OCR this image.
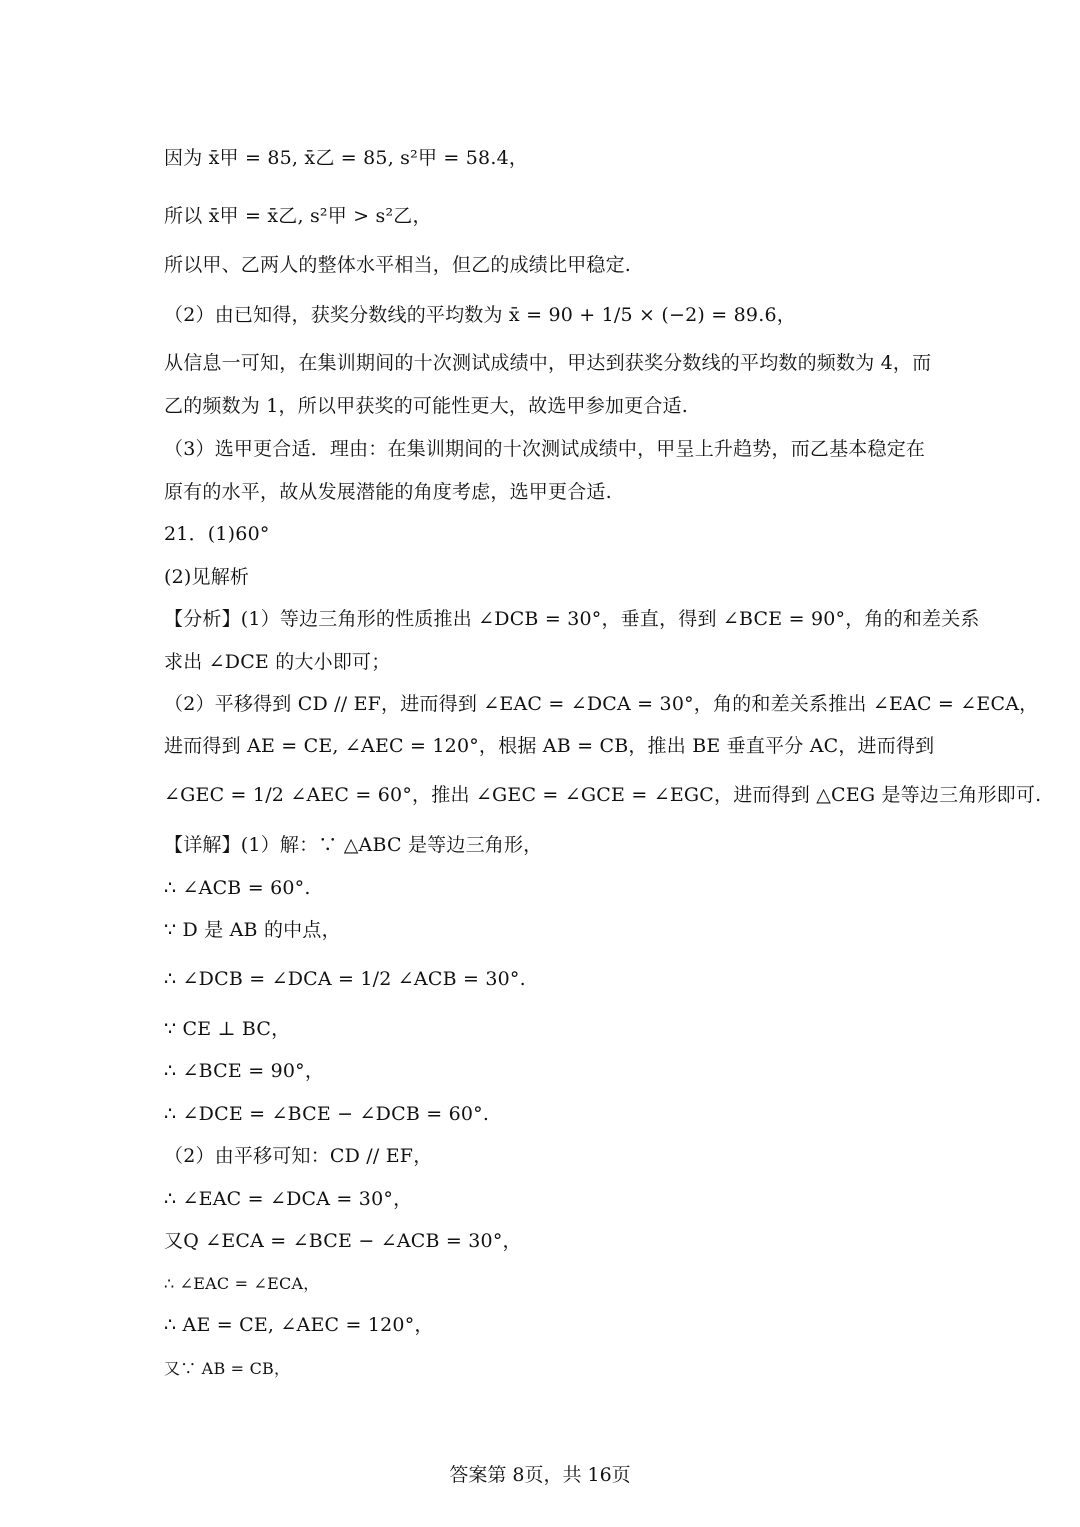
因为 x̄甲 = 85, x̄乙 = 85, s²甲 = 58.4，
所以 x̄甲 = x̄乙, s²甲 > s²乙，
所以甲、乙两人的整体水平相当，但乙的成绩比甲稳定.
（2）由已知得，获奖分数线的平均数为 x̄ = 90 + 1/5 × (−2) = 89.6，
从信息一可知，在集训期间的十次测试成绩中，甲达到获奖分数线的平均数的频数为 4，而
乙的频数为 1，所以甲获奖的可能性更大，故选甲参加更合适.
（3）选甲更合适．理由：在集训期间的十次测试成绩中，甲呈上升趋势，而乙基本稳定在
原有的水平，故从发展潜能的角度考虑，选甲更合适.
21．(1)60°
(2)见解析
【分析】(1）等边三角形的性质推出 ∠DCB = 30°，垂直，得到 ∠BCE = 90°，角的和差关系
求出 ∠DCE 的大小即可；
（2）平移得到 CD // EF，进而得到 ∠EAC = ∠DCA = 30°，角的和差关系推出 ∠EAC = ∠ECA，
进而得到 AE = CE, ∠AEC = 120°，根据 AB = CB，推出 BE 垂直平分 AC，进而得到
∠GEC = 1/2 ∠AEC = 60°，推出 ∠GEC = ∠GCE = ∠EGC，进而得到 △CEG 是等边三角形即可.
【详解】(1）解：∵ △ABC 是等边三角形，
∴ ∠ACB = 60°.
∵ D 是 AB 的中点，
∴ ∠DCB = ∠DCA = 1/2 ∠ACB = 30°.
∵ CE ⊥ BC，
∴ ∠BCE = 90°，
∴ ∠DCE = ∠BCE − ∠DCB = 60°.
（2）由平移可知：CD // EF，
∴ ∠EAC = ∠DCA = 30°，
又Q ∠ECA = ∠BCE − ∠ACB = 30°，
∴ ∠EAC = ∠ECA，
∴ AE = CE, ∠AEC = 120°，
又∵ AB = CB，
答案第 8页，共 16页
